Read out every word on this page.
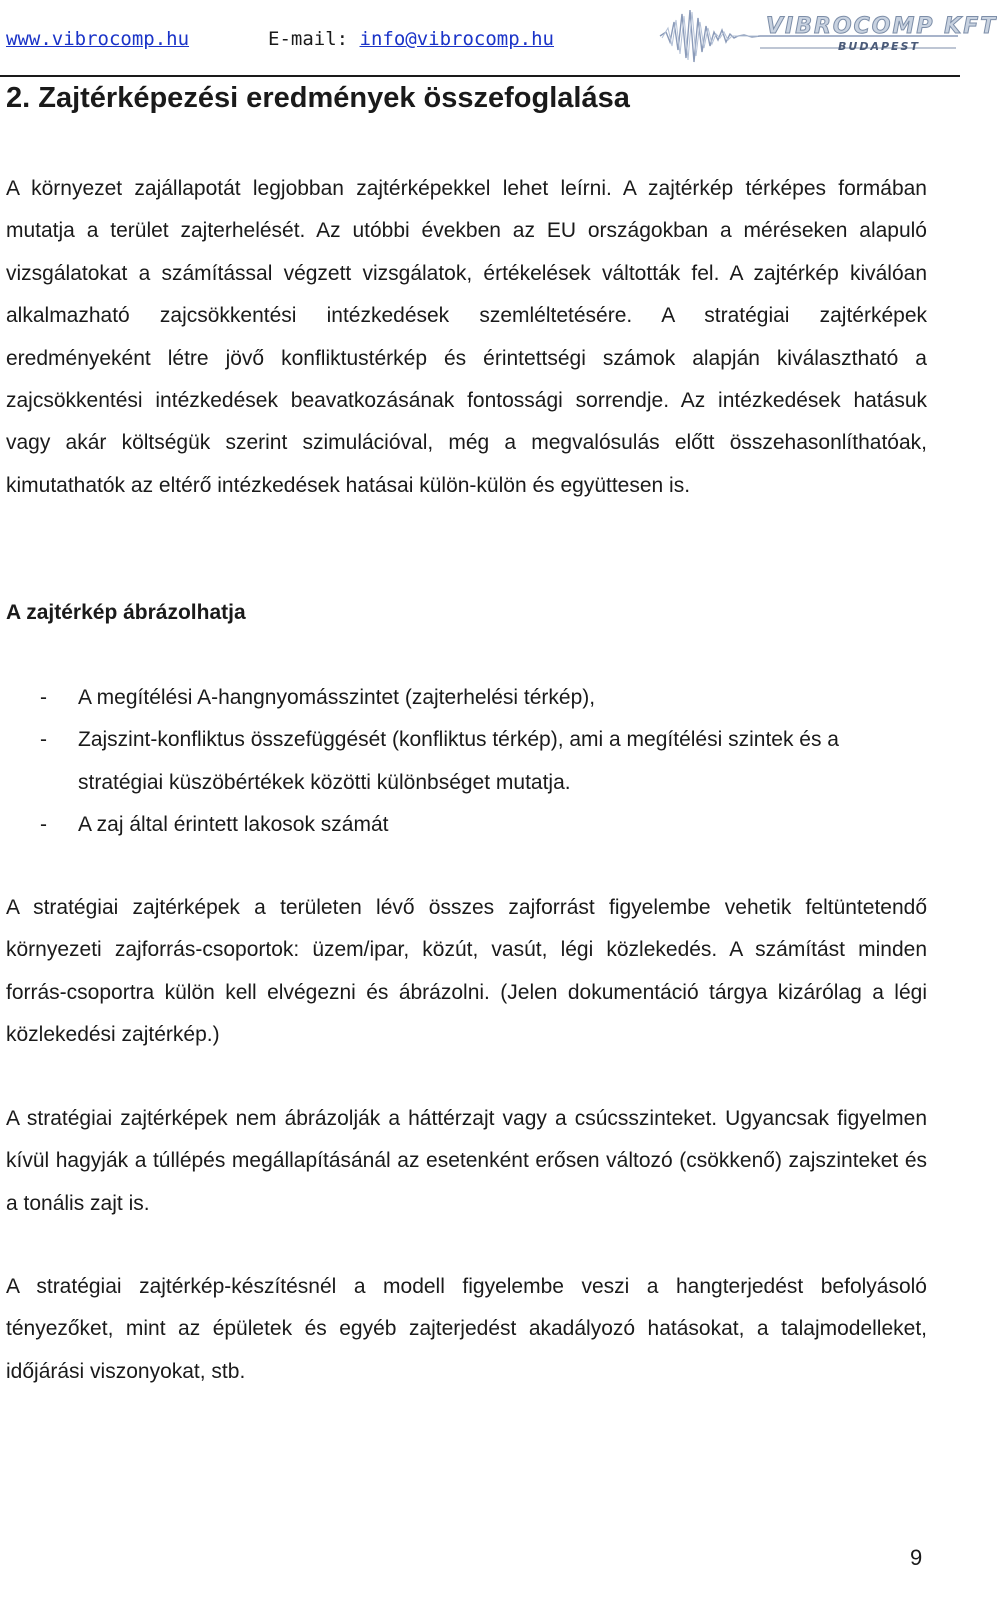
www.vibrocomp.hu	E-mail: info@vibrocomp.hu	VIBROCOMP KFT
BUDAPEST
2. Zajtérképezési eredmények összefoglalása

A környezet zajállapotát legjobban zajtérképekkel lehet leírni. A zajtérkép térképes formában mutatja a terület zajterhelését. Az utóbbi években az EU országokban a méréseken alapuló vizsgálatokat a számítással végzett vizsgálatok, értékelések váltották fel. A zajtérkép kiválóan alkalmazható zajcsökkentési intézkedések szemléltetésére. A stratégiai zajtérképek eredményeként létre jövő konfliktustérkép és érintettségi számok alapján kiválasztható a zajcsökkentési intézkedések beavatkozásának fontossági sorrendje. Az intézkedések hatásuk vagy akár költségük szerint szimulációval, még a megvalósulás előtt összehasonlíthatóak, kimutathatók az eltérő intézkedések hatásai külön-külön és együttesen is.

A zajtérkép ábrázolhatja
- A megítélési A-hangnyomásszintet (zajterhelési térkép),
- Zajszint-konfliktus összefüggését (konfliktus térkép), ami a megítélési szintek és a stratégiai küszöbértékek közötti különbséget mutatja.
- A zaj által érintett lakosok számát

A stratégiai zajtérképek a területen lévő összes zajforrást figyelembe vehetik feltüntetendő környezeti zajforrás-csoportok: üzem/ipar, közút, vasút, légi közlekedés. A számítást minden forrás-csoportra külön kell elvégezni és ábrázolni. (Jelen dokumentáció tárgya kizárólag a légi közlekedési zajtérkép.)

A stratégiai zajtérképek nem ábrázolják a háttérzajt vagy a csúcsszinteket. Ugyancsak figyelmen kívül hagyják a túllépés megállapításánál az esetenként erősen változó (csökkenő) zajszinteket és a tonális zajt is.

A stratégiai zajtérkép-készítésnél a modell figyelembe veszi a hangterjedést befolyásoló tényezőket, mint az épületek és egyéb zajterjedést akadályozó hatásokat, a talajmodelleket, időjárási viszonyokat, stb.

9
